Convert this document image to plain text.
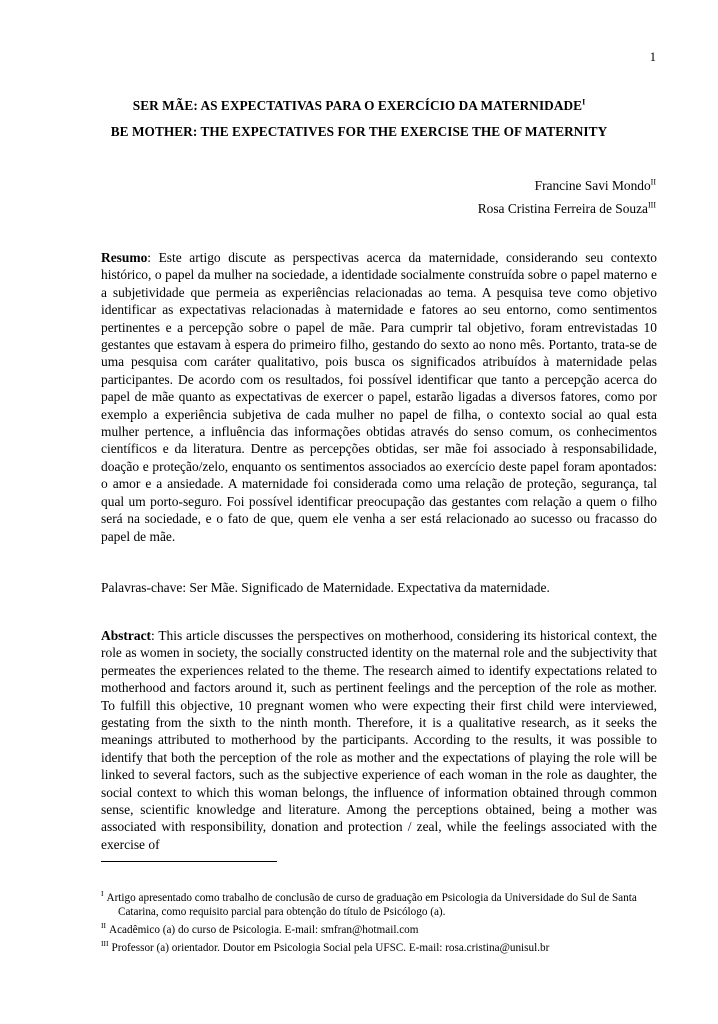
1
SER MÃE: AS EXPECTATIVAS PARA O EXERCÍCIO DA $MATERNIDADE^I$
BE MOTHER: THE EXPECTATIVES FOR THE EXERCISE THE OF MATERNITY
Francine Savi Mondo$^{II}$
Rosa Cristina Ferreira de Souza$^{III}$

Resumo: Este artigo discute as perspectivas acerca da maternidade, considerando seu contexto histórico, o papel da mulher na sociedade, a identidade socialmente construída sobre o papel materno e a subjetividade que permeia as experiências relacionadas ao tema. A pesquisa teve como objetivo identificar as expectativas relacionadas à maternidade e fatores ao seu entorno, como sentimentos pertinentes e a percepção sobre o papel de mãe. Para cumprir tal objetivo, foram entrevistadas 10 gestantes que estavam à espera do primeiro filho, gestando do sexto ao nono mês. Portanto, trata-se de uma pesquisa com caráter qualitativo, pois busca os significados atribuídos à maternidade pelas participantes. De acordo com os resultados, foi possível identificar que tanto a percepção acerca do papel de mãe quanto as expectativas de exercer o papel, estarão ligadas a diversos fatores, como por exemplo a experiência subjetiva de cada mulher no papel de filha, o contexto social ao qual esta mulher pertence, a influência das informações obtidas através do senso comum, os conhecimentos científicos e da literatura. Dentre as percepções obtidas, ser mãe foi associado à responsabilidade, doação e proteção/zelo, enquanto os sentimentos associados ao exercício deste papel foram apontados: o amor e a ansiedade. A maternidade foi considerada como uma relação de proteção, segurança, tal qual um porto-seguro. Foi possível identificar preocupação das gestantes com relação a quem o filho será na sociedade, e o fato de que, quem ele venha a ser está relacionado ao sucesso ou fracasso do papel de mãe.

Palavras-chave: Ser Mãe. Significado de Maternidade. Expectativa da maternidade.

Abstract: This article discusses the perspectives on motherhood, considering its historical context, the role as women in society, the socially constructed identity on the maternal role and the subjectivity that permeates the experiences related to the theme. The research aimed to identify expectations related to motherhood and factors around it, such as pertinent feelings and the perception of the role as mother. To fulfill this objective, 10 pregnant women who were expecting their first child were interviewed, gestating from the sixth to the ninth month. Therefore, it is a qualitative research, as it seeks the meanings attributed to motherhood by the participants. According to the results, it was possible to identify that both the perception of the role as mother and the expectations of playing the role will be linked to several factors, such as the subjective experience of each woman in the role as daughter, the social context to which this woman belongs, the influence of information obtained through common sense, scientific knowledge and literature. Among the perceptions obtained, being a mother was associated with responsibility, donation and protection / zeal, while the feelings associated with the exercise of

$^I$ Artigo apresentado como trabalho de conclusão de curso de graduação em Psicologia da Universidade do Sul de Santa Catarina, como requisito parcial para obtenção do título de Psicólogo (a).

$^{II}$ Acadêmico (a) do curso de Psicologia. E-mail: smfran@hotmail.com

$^{III}$ Professor (a) orientador. Doutor em Psicologia Social pela UFSC. E-mail: rosa.cristina@unisul.br
